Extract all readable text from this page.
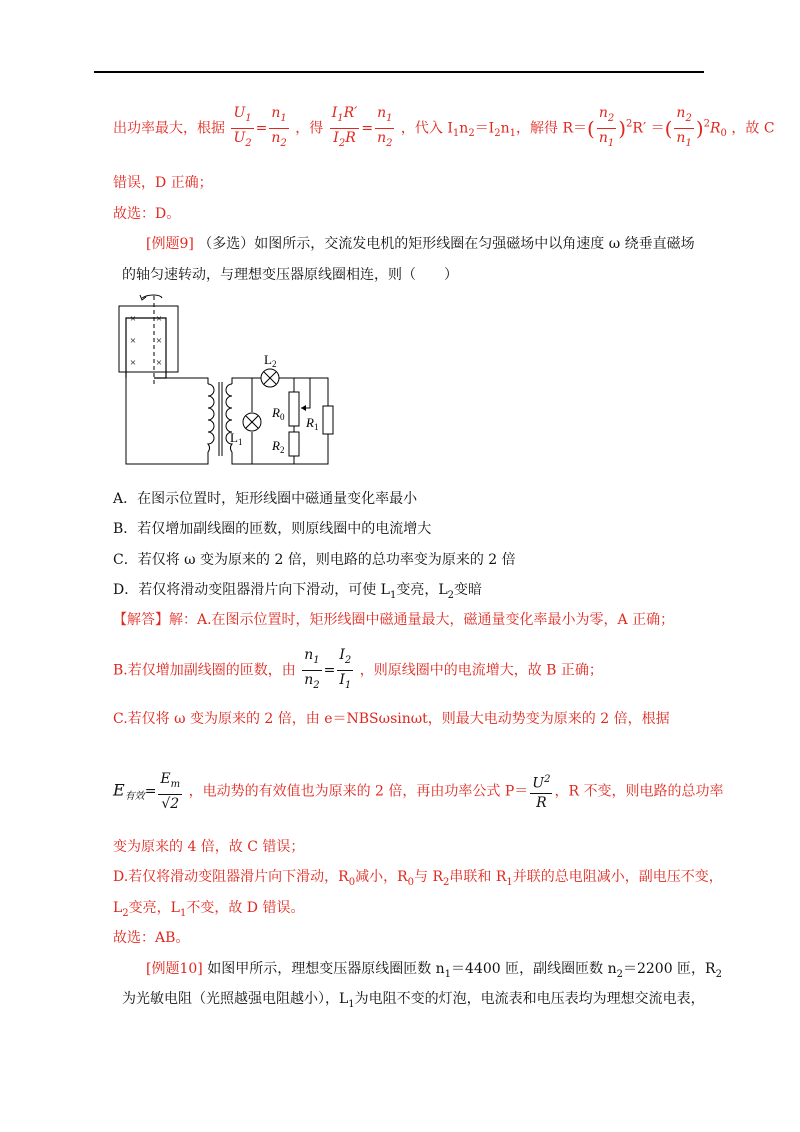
出功率最大，根据 $\frac{U_1}{U_2} = \frac{n_1}{n_2}$ ，得 $\frac{I_1R'}{I_2R} = \frac{n_1}{n_2}$ ，代入 $I_1n_2=I_2n_1$，解得 $R=( \frac{n_2}{n_1} )^2R'$ ＝( $\frac{n_2}{n_1} )^2R_0$ ，故 C
错误，D 正确；
故选：D。
[例题9] （多选）如图所示，交流发电机的矩形线圈在匀强磁场中以角速度 ω 绕垂直磁场
的轴匀速转动，与理想变压器原线圈相连，则（　　）
× ×
× ×
× ×
$L_1$
$L_2$
$R_0$
$R_2$
$R_1$
A．在图示位置时，矩形线圈中磁通量变化率最小
B．若仅增加副线圈的匝数，则原线圈中的电流增大
C．若仅将 ω 变为原来的 2 倍，则电路的总功率变为原来的 2 倍
D．若仅将滑动变阻器滑片向下滑动，可使 $L_1$变亮，$L_2$变暗
【解答】解：A.在图示位置时，矩形线圈中磁通量最大，磁通量变化率最小为零，A 正确；
B.若仅增加副线圈的匝数，由 $\frac{n_1}{n_2} = \frac{I_2}{I_1}$ ，则原线圈中的电流增大，故 B 正确；
C.若仅将 ω 变为原来的 2 倍，由 e＝NBSωsinωt，则最大电动势变为原来的 2 倍，根据
$E_{有效}= \frac{E_m}{√2}$ ，电动势的有效值也为原来的 2 倍，再由功率公式 $P= \frac{U^2}{R}$ ，R 不变，则电路的总功率
变为原来的 4 倍，故 C 错误；
D.若仅将滑动变阻器滑片向下滑动，$R_0$减小，$R_0$与 $R_2$串联和 $R_1$并联的总电阻减小，副电压不变，
$L_2$变亮，$L_1$不变，故 D 错误。
故选：AB。
[例题10] 如图甲所示，理想变压器原线圈匝数 $n_1=4400$ 匝，副线圈匝数 $n_2=2200$ 匝，$R_2$
为光敏电阻（光照越强电阻越小），$L_1$为电阻不变的灯泡，电流表和电压表均为理想交流电表，
